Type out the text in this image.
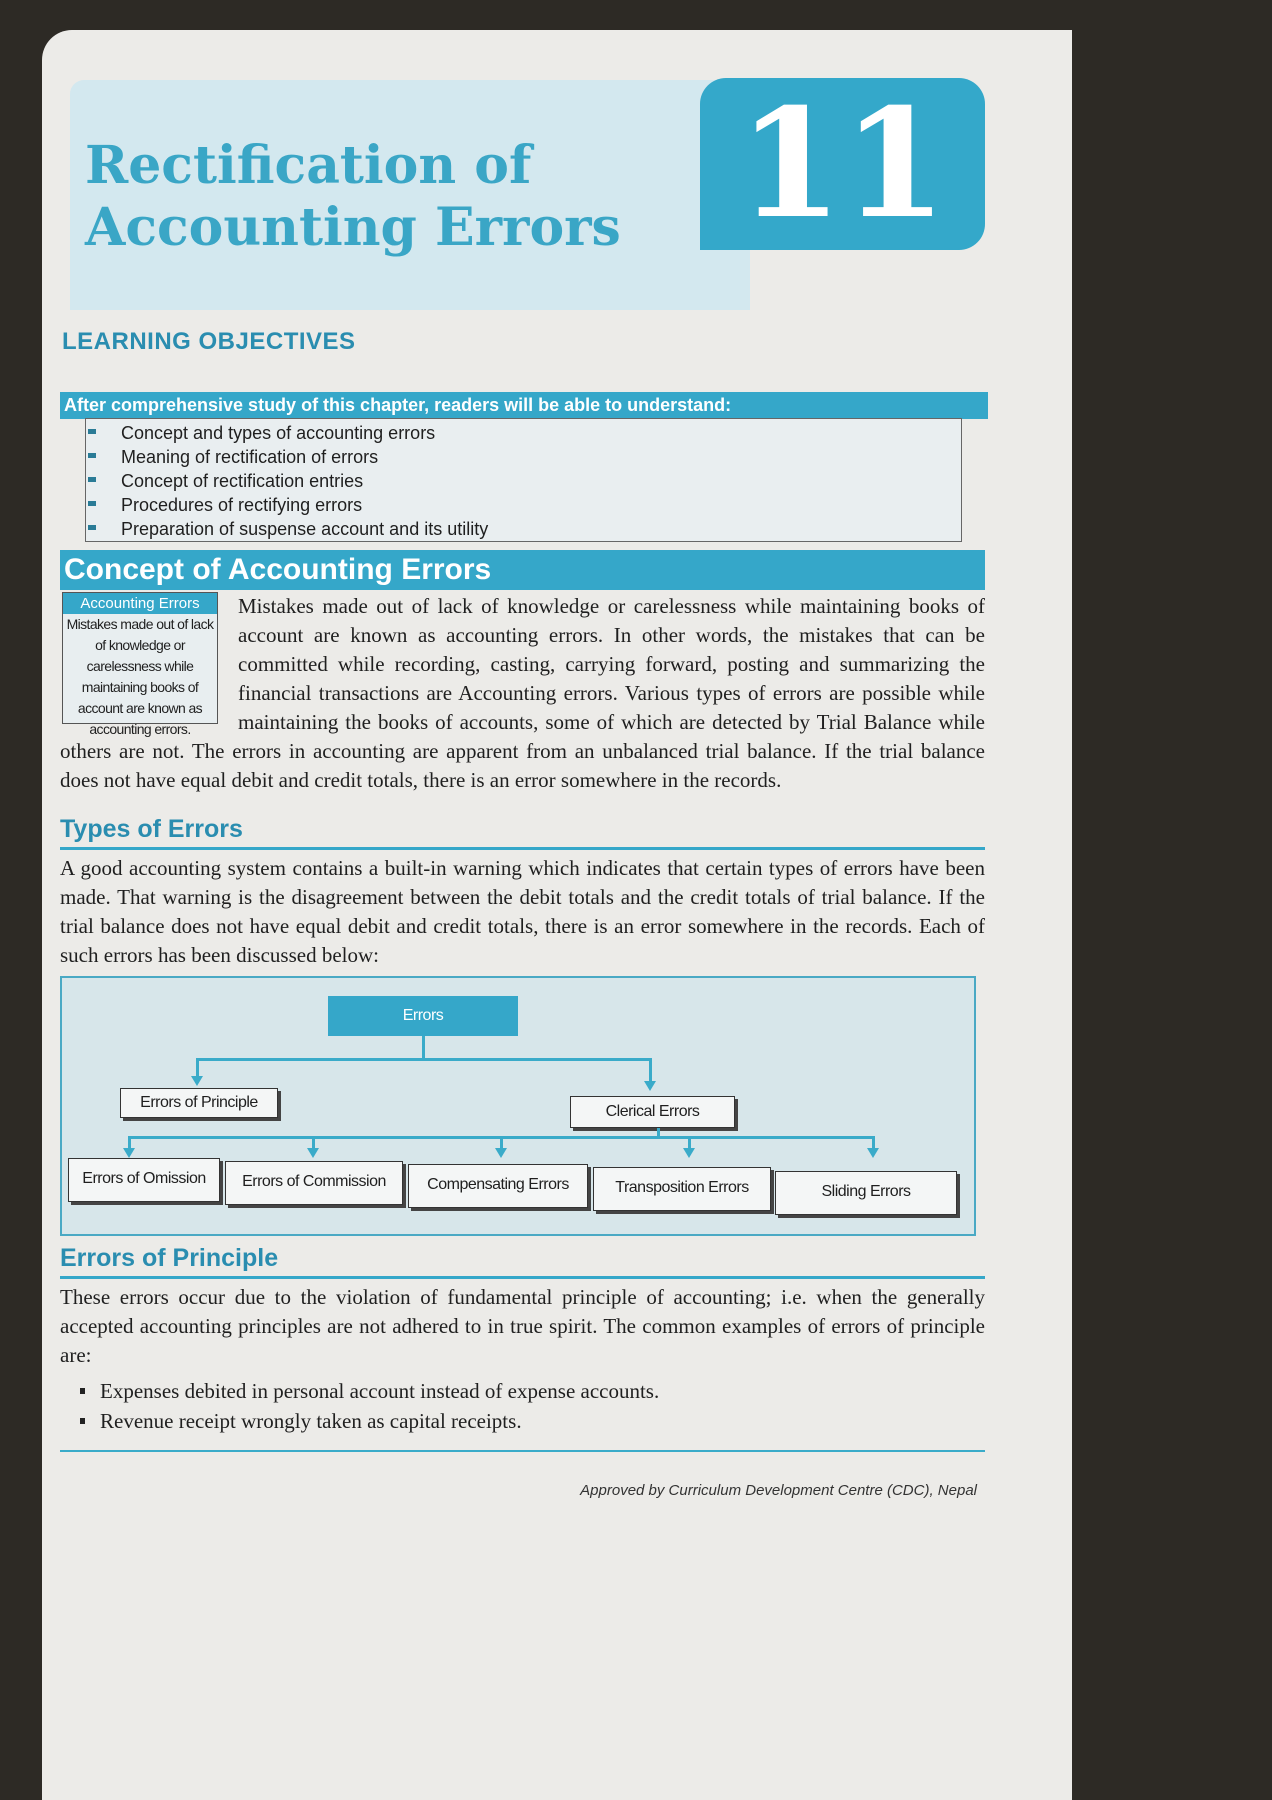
Rectification of
Accounting Errors 11
LEARNING OBJECTIVES
After comprehensive study of this chapter, readers will be able to understand:
Concept and types of accounting errors
Meaning of rectification of errors
Concept of rectification entries
Procedures of rectifying errors
Preparation of suspense account and its utility
Concept of Accounting Errors
Accounting Errors
Mistakes made out of lack of knowledge or carelessness while maintaining books of account are known as accounting errors.

Mistakes made out of lack of knowledge or carelessness while maintaining books of account are known as accounting errors. In other words, the mistakes that can be committed while recording, casting, carrying forward, posting and summarizing the financial transactions are Accounting errors. Various types of errors are possible while maintaining the books of accounts, some of which are detected by Trial Balance while others are not. The errors in accounting are apparent from an unbalanced trial balance. If the trial balance does not have equal debit and credit totals, there is an error somewhere in the records.

Types of Errors

A good accounting system contains a built-in warning which indicates that certain types of errors have been made. That warning is the disagreement between the debit totals and the credit totals of trial balance. If the trial balance does not have equal debit and credit totals, there is an error somewhere in the records. Each of such errors has been discussed below:

Errors
Errors of Principle
Clerical Errors
Errors of Omission	Errors of Commission	Compensating Errors	Transposition Errors	Sliding Errors
Errors of Principle

These errors occur due to the violation of fundamental principle of accounting; i.e. when the generally accepted accounting principles are not adhered to in true spirit. The common examples of errors of principle are:

Expenses debited in personal account instead of expense accounts.
Revenue receipt wrongly taken as capital receipts.
Approved by Curriculum Development Centre (CDC), Nepal
